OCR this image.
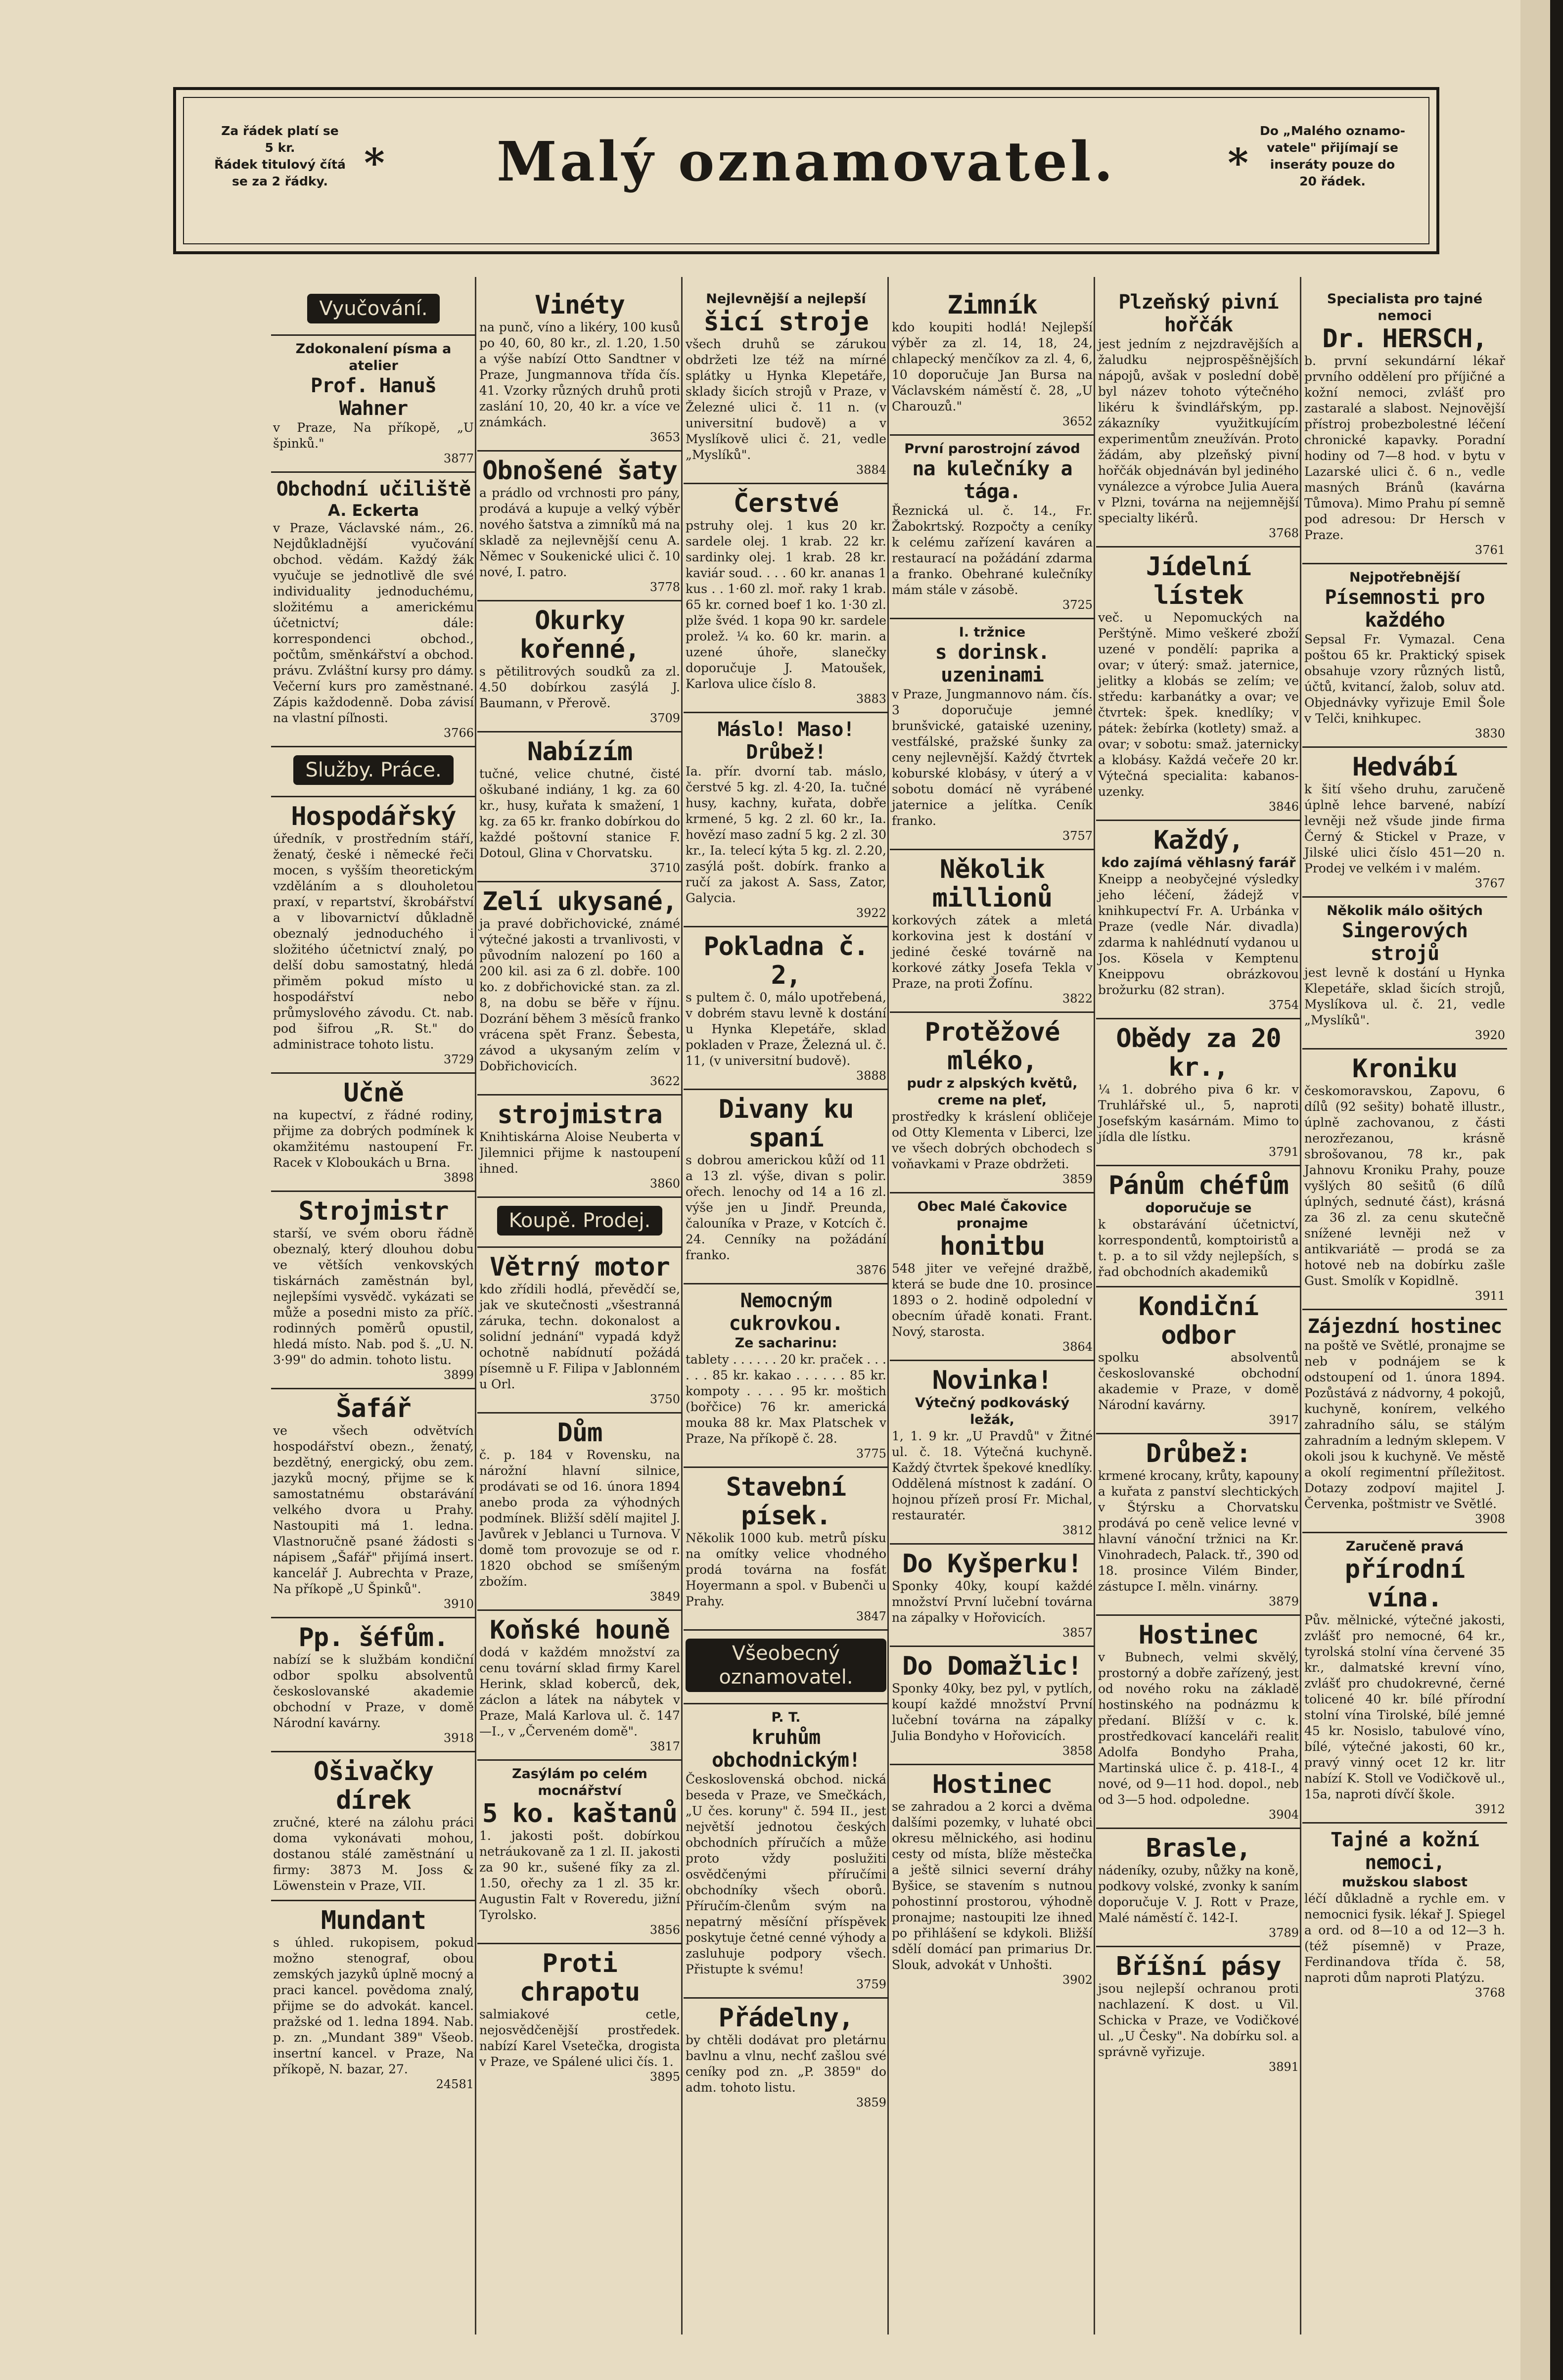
Za řádek platí se
5 kr.
Řádek titulový čítá
se za 2 řádky. *	Malý oznamovatel.	*
Do „Malého oznamo-
vatele" přijímají se
inseráty pouze do
20 řádek.
Vyučování.
Zdokonalení písma a atelier
Prof. Hanuš Wahner
v Praze, Na příkopě, „U špinků."
3877
Obchodní učiliště
A. Eckerta
v Praze, Václavské nám., 26. Nejdůkladnější vyučování obchod. vědám. Každý žák vyučuje se jednotlivě dle své individuality jednoduchému, složitému a americkému účetnictví; dále: korrespondenci obchod., počtům, směnkářství a obchod. právu. Zvláštní kursy pro dámy. Večerní kurs pro zaměstnané. Zápis každodenně. Doba závisí na vlastní píľnosti.
3766
Služby. Práce.
Hospodářský
úředník, v prostředním stáří, ženatý, české i německé řeči mocen, s vyšším theoretickým vzděláním a s dlouholetou praxí, v repartství, škrobářství a v libovarnictví důkladně obeznalý jednoduchého i složitého účetnictví znalý, po delší dobu samostatný, hledá přiměm pokud místo u hospodářství nebo průmyslového závodu. Ct. nab. pod šifrou „R. St." do administrace tohoto listu.
3729
Učně
na kupectví, z řádné rodiny, přijme za dobrých podmínek k okamžitému nastoupení Fr. Racek v Kloboukách u Brna.
3898
Strojmistr
starší, ve svém oboru řádně obeznalý, který dlouhou dobu ve větších venkovských tiskárnách zaměstnán byl, nejlepšími vysvědč. vykázati se může a posedni misto za příč. rodinných poměrů opustil, hledá místo. Nab. pod š. „U. N. 3·99" do admin. tohoto listu.
3899
Šafář
ve všech odvětvích hospodářství obezn., ženatý, bezdětný, energický, obu zem. jazyků mocný, přijme se k samostatnému obstarávání velkého dvora u Prahy. Nastoupiti má 1. ledna. Vlastnoručně psané žádosti s nápisem „Šafář" přijímá insert. kancelář J. Aubrechta v Praze, Na příkopě „U Špinků".
3910
Pp. šéfům.
nabízí se k službám kondiční odbor spolku absolventů českoslovanské akademie obchodní v Praze, v domě Národní kavárny.
3918
Ošivačky dírek
zručné, které na zálohu práci doma vykonávati mohou, dostanou stálé zaměstnání u firmy: 3873 M. Joss & Löwenstein v Praze, VII.
Mundant
s úhled. rukopisem, pokud možno stenograf, obou zemských jazyků úplně mocný a praci kancel. povědoma znalý, přijme se do advokát. kancel. pražské od 1. ledna 1894. Nab. p. zn. „Mundant 389" Všeob. insertní kancel. v Praze, Na příkopě, N. bazar, 27.
24581
Vinéty
na punč, víno a likéry, 100 kusů po 40, 60, 80 kr., zl. 1.20, 1.50 a výše nabízí Otto Sandtner v Praze, Jungmannova třída čís. 41. Vzorky různých druhů proti zaslání 10, 20, 40 kr. a více ve známkách.
3653
Obnošené šaty
a prádlo od vrchnosti pro pány, prodává a kupuje a velký výběr nového šatstva a zimníků má na skladě za nejlevnější cenu A. Němec v Soukenické ulici č. 10 nové, I. patro.
3778
Okurky kořenné,
s pětilitrových soudků za zl. 4.50 dobírkou zasýlá J. Baumann, v Přerově.
3709
Nabízím
tučné, velice chutné, čisté oškubané indiány, 1 kg. za 60 kr., husy, kuřata k smažení, 1 kg. za 65 kr. franko dobírkou do každé poštovní stanice F. Dotoul, Glina v Chorvatsku.
3710
Zelí ukysané,
ja pravé dobřichovické, známé výtečné jakosti a trvanlivosti, v původním nalození po 160 a 200 kil. asi za 6 zl. dobře. 100 ko. z dobřichovické stan. za zl. 8, na dobu se běře v říjnu. Dozrání během 3 měsíců franko vrácena spět Franz. Šebesta, závod a ukysaným zelím v Dobřichovicích.
3622
strojmistra
Knihtiskárna Aloise Neuberta v Jilemnici přijme k nastoupení ihned.
3860
Koupě. Prodej.
Větrný motor
kdo zřídili hodlá, převědčí se, jak ve skutečnosti „všestranná záruka, techn. dokonalost a solidní jednání" vypadá když ochotně nabídnutí požádá písemně u F. Filipa v Jablonném u Orl.
3750
Dům
č. p. 184 v Rovensku, na nárožní hlavní silnice, prodávati se od 16. února 1894 anebo proda za výhodných podmínek. Bližší sdělí majitel J. Javůrek v Jeblanci u Turnova. V domě tom provozuje se od r. 1820 obchod se smíšeným zbožím.
3849
Koňské houně
dodá v každém množství za cenu tovární sklad firmy Karel Herink, sklad koberců, dek, záclon a látek na nábytek v Praze, Malá Karlova ul. č. 147—I., v „Červeném domě".
3817
Zasýlám po celém mocnářství
5 ko. kaštanů
1. jakosti pošt. dobírkou netráukovaně za 1 zl. II. jakosti za 90 kr., sušené fíky za zl. 1.50, ořechy za 1 zl. 35 kr. Augustin Falt v Roveredu, jižní Tyrolsko.
3856
Proti chrapotu
salmiakové cetle, nejosvědčenější prostředek. nabízí Karel Vsetečka, drogista v Praze, ve Spálené ulici čís. 1.
3895
Nejlevnější a nejlepší
šicí stroje
všech druhů se zárukou obdržeti lze též na mírné splátky u Hynka Klepetáře, sklady šicích strojů v Praze, v Železné ulici č. 11 n. (v universitní budově) a v Myslíkově ulici č. 21, vedle „Myslíků".
3884
Čerstvé
pstruhy olej. 1 kus 20 kr. sardele olej. 1 krab. 22 kr. sardinky olej. 1 krab. 28 kr. kaviár soud. . . . 60 kr. ananas 1 kus . . 1·60 zl. moř. raky 1 krab. 65 kr. corned boef 1 ko. 1·30 zl. plže švéd. 1 kopa 90 kr. sardele prolež. ¼ ko. 60 kr. marin. a uzené úhoře, slanečky doporučuje J. Matoušek, Karlova ulice číslo 8.
3883
Máslo! Maso! Drůbež!
Ia. přír. dvorní tab. máslo, čerstvé 5 kg. zl. 4·20, Ia. tučné husy, kachny, kuřata, dobře krmené, 5 kg. 2 zl. 60 kr., Ia. hovězí maso zadní 5 kg. 2 zl. 30 kr., Ia. telecí kýta 5 kg. zl. 2.20, zasýlá pošt. dobírk. franko a ručí za jakost A. Sass, Zator, Galycia.
3922
Pokladna č. 2,
s pultem č. 0, málo upotřebená, v dobrém stavu levně k dostání u Hynka Klepetáře, sklad pokladen v Praze, Železná ul. č. 11, (v universitní budově).
3888
Divany ku spaní
s dobrou americkou kůží od 11 a 13 zl. výše, divan s polir. ořech. lenochy od 14 a 16 zl. výše jen u Jindř. Preunda, čalouníka v Praze, v Kotcích č. 24. Cenníky na požádání franko.
3876
Nemocným cukrovkou.
Ze sacharinu:
tablety . . . . . . 20 kr. praček . . . . . . 85 kr. kakao . . . . . . 85 kr. kompoty . . . . 95 kr. moštich (bořčice) 76 kr. americká mouka 88 kr. Max Platschek v Praze, Na příkopě č. 28.
3775
Stavební písek.
Několik 1000 kub. metrů písku na omítky velice vhodného prodá továrna na fosfát Hoyermann a spol. v Bubenči u Prahy.
3847
Všeobecný oznamovatel.
P. T.
kruhům obchodnickým!
Československá obchod. nická beseda v Praze, ve Smečkách, „U čes. koruny" č. 594 II., jest největší jednotou českých obchodních příručích a může proto vždy poslužiti osvědčenými příručími obchodníky všech oborů. Příručím-členům svým na nepatrný měsíční příspěvek poskytuje četné cenné výhody a zasluhuje podpory všech. Přistupte k svému!
3759
Přádelny,
by chtěli dodávat pro pletárnu bavlnu a vlnu, nechť zašlou své ceníky pod zn. „P. 3859" do adm. tohoto listu.
3859
Zimník
kdo koupiti hodlá! Nejlepší výběr za zl. 14, 18, 24, chlapecký menčíkov za zl. 4, 6, 10 doporučuje Jan Bursa na Václavském náměstí č. 28, „U Charouzů."
3652
První parostrojní závod
na kulečníky a tága.
Řeznická ul. č. 14., Fr. Žabokrtský. Rozpočty a ceníky k celému zařízení kaváren a restaurací na požádání zdarma a franko. Obehrané kulečníky mám stále v zásobě.
3725
I. tržnice
s dorinsk. uzeninami
v Praze, Jungmannovo nám. čís. 3 doporučuje jemné brunšvické, gataiské uzeniny, vestfálské, pražské šunky za ceny nejlevnější. Každý čtvrtek koburské klobásy, v úterý a v sobotu domácí ně vyrábené jaternice a jelítka. Ceník franko.
3757
Několik millionů
korkových zátek a mletá korkovina jest k dostání v jediné české továrně na korkové zátky Josefa Tekla v Praze, na proti Žofínu.
3822
Protěžové mléko,
pudr z alpských květů, creme na pleť,
prostředky k kráslení obličeje od Otty Klementa v Liberci, lze ve všech dobrých obchodech s voňavkami v Praze obdržeti.
3859
Obec Malé Čakovice pronajme
honitbu
548 jiter ve veřejné dražbě, která se bude dne 10. prosince 1893 o 2. hodině odpolední v obecním úřadě konati. Frant. Nový, starosta.
3864
Novinka!
Výtečný podkováský ležák,
1, 1. 9 kr. „U Pravdů" v Žitné ul. č. 18. Výtečná kuchyně. Každý čtvrtek špekové knedlíky. Oddělená místnost k zadání. O hojnou přízeň prosí Fr. Michal, restauratér.
3812
Do Kyšperku!
Sponky 40ky, koupí každé množství První lučební továrna na zápalky v Hořovicích.
3857
Do Domažlic!
Sponky 40ky, bez pyl, v pytlích, koupí každé množství První lučební továrna na zápalky Julia Bondyho v Hořovicích.
3858
Hostinec
se zahradou a 2 korci a dvěma dalšími pozemky, v luhaté obci okresu mělnického, asi hodinu cesty od místa, blíže městečka a ještě silnici severní dráhy Byšice, se stavením s nutnou pohostinní prostorou, výhodně pronajme; nastoupiti lze ihned po přihlášení se kdykoli. Bližší sdělí domácí pan primarius Dr. Slouk, advokát v Unhošti.
3902
Plzeňský pivní hořčák
jest jedním z nejzdravějších a žaludku nejprospěšnějších nápojů, avšak v poslední době byl název tohoto výtečného likéru k švindlářským, pp. zákazníky využitkujícím experimentům zneužíván. Proto žádám, aby plzeňský pivní hořčák objednáván byl jediného vynálezce a výrobce Julia Auera v Plzni, továrna na nejjemnější specialty likérů.
3768
Jídelní lístek
več. u Nepomuckých na Perštýně. Mimo veškeré zboží uzené v pondělí: paprika a ovar; v úterý: smaž. jaternice, jelitky a klobás se zelím; ve středu: karbanátky a ovar; ve čtvrtek: špek. knedlíky; v pátek: žebírka (kotlety) smaž. a ovar; v sobotu: smaž. jaternicky a klobásy. Každá večeře 20 kr. Výtečná specialita: kabanos-uzenky.
3846
Každý,
kdo zajímá věhlasný farář
Kneipp a neobyčejné výsledky jeho léčení, žádejž v knihkupectví Fr. A. Urbánka v Praze (vedle Nár. divadla) zdarma k nahlédnutí vydanou u Jos. Kösela v Kemptenu Kneippovu obrázkovou brožurku (82 stran).
3754
Obědy za 20 kr.,
¼ 1. dobrého piva 6 kr. v Truhlářské ul., 5, naproti Josefským kasárnám. Mimo to jídla dle lístku.
3791
Pánům chéfům
doporučuje se
k obstarávání účetnictví, korrespondentů, komptoiristů a t. p. a to sil vždy nejlepších, s řad obchodních akademiků
Kondiční odbor
spolku absolventů českoslovanské obchodní akademie v Praze, v domě Národní kavárny.
3917
Drůbež:
krmené krocany, krůty, kapouny a kuřata z panství slechtických v Štýrsku a Chorvatsku prodává po ceně velice levné v hlavní vánoční tržnici na Kr. Vinohradech, Palack. tř., 390 od 18. prosince Vilém Binder, zástupce I. měln. vinárny.
3879
Hostinec
v Bubnech, velmi skvělý, prostorný a dobře zařízený, jest od nového roku na základě hostinského na podnázmu k předaní. Blížší v c. k. prostředkovací kanceláři realit Adolfa Bondyho Praha, Martinská ulice č. p. 418-I., 4 nové, od 9—11 hod. dopol., neb od 3—5 hod. odpoledne.
3904
Brasle,
nádeníky, ozuby, nůžky na koně, podkovy volské, zvonky k saním doporučuje V. J. Rott v Praze, Malé náměstí č. 142-I.
3789
Bříšní pásy
jsou nejlepší ochranou proti nachlazení. K dost. u Vil. Schicka v Praze, ve Vodičkové ul. „U Česky". Na dobírku sol. a správně vyřizuje.
3891
Specialista pro tajné nemoci
Dr. HERSCH,
b. první sekundární lékař prvního oddělení pro příjičné a kožní nemoci, zvlášť pro zastaralé a slabost. Nejnovější přístroj probezbolestné léčení chronické kapavky. Poradní hodiny od 7—8 hod. v bytu v Lazarské ulici č. 6 n., vedle masných Bránů (kavárna Tůmova). Mimo Prahu pí semně pod adresou: Dr Hersch v Praze.
3761
Nejpotřebnější
Písemnosti pro každého
Sepsal Fr. Vymazal. Cena poštou 65 kr. Praktický spisek obsahuje vzory různých listů, účtů, kvitancí, žalob, soluv atd. Objednávky vyřizuje Emil Šole v Telči, knihkupec.
3830
Hedvábí
k šití všeho druhu, zaručeně úplně lehce barvené, nabízí levněji než všude jinde firma Černý & Stickel v Praze, v Jilské ulici číslo 451—20 n. Prodej ve velkém i v malém.
3767
Několik málo ošitých
Singerových strojů
jest levně k dostání u Hynka Klepetáře, sklad šicích strojů, Myslíkova ul. č. 21, vedle „Myslíků".
3920
Kroniku
českomoravskou, Zapovu, 6 dílů (92 sešity) bohatě illustr., úplně zachovanou, z části nerozřezanou, krásně sbrošovanou, 78 kr., pak Jahnovu Kroniku Prahy, pouze vyšlých 80 sešitů (6 dílů úplných, sednuté část), krásná za 36 zl. za cenu skutečně snížené levněji než v antikvariátě — prodá se za hotové neb na dobírku zašle Gust. Smolík v Kopidlně.
3911
Zájezdní hostinec
na poště ve Světlé, pronajme se neb v podnájem se k odstoupení od 1. února 1894. Pozůstává z nádvorny, 4 pokojů, kuchyně, konírem, velkého zahradního sálu, se stálým zahradním a ledným sklepem. V okoli jsou k kuchyně. Ve městě a okolí regimentní příležitost. Dotazy zodpoví majitel J. Červenka, poštmistr ve Světlé.
3908
Zaručeně pravá
přírodní vína.
Pův. mělnické, výtečné jakosti, zvlášť pro nemocné, 64 kr., tyrolská stolní vína červené 35 kr., dalmatské krevní víno, zvlášť pro chudokrevné, černé tolicené 40 kr. bílé přírodní stolní vína Tirolské, bílé jemné 45 kr. Nosislo, tabulové víno, bílé, výtečné jakosti, 60 kr., pravý vinný ocet 12 kr. litr nabízí K. Stoll ve Vodičkově ul., 15a, naproti dívčí škole.
3912
Tajné a kožní nemoci,
mužskou slabost
léčí důkladně a rychle em. v nemocnici fysik. lékař J. Spiegel a ord. od 8—10 a od 12—3 h. (též písemně) v Praze, Ferdinandova třída č. 58, naproti dům naproti Platýzu.
3768
